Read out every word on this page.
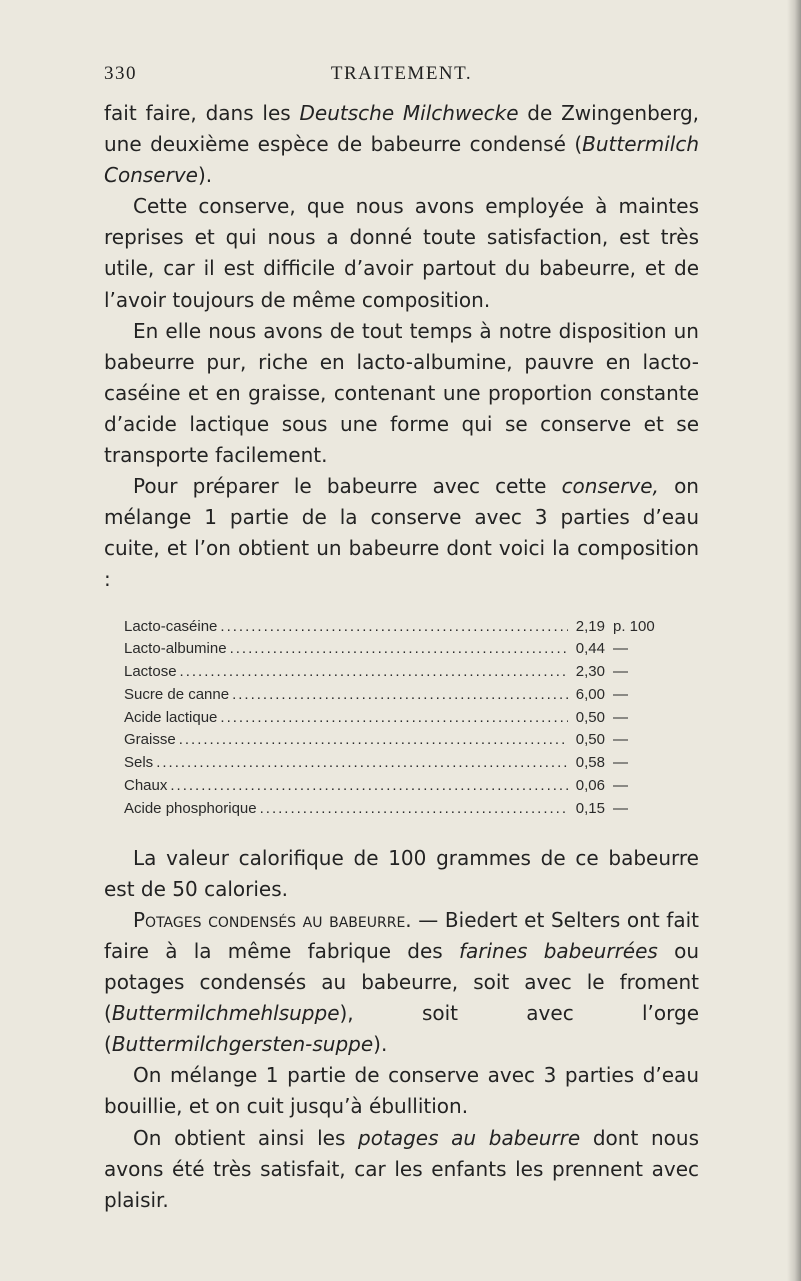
330	TRAITEMENT.

fait faire, dans les Deutsche Milchwecke de Zwingenberg, une deuxième espèce de babeurre condensé (Buttermilch Conserve).

Cette conserve, que nous avons employée à maintes reprises et qui nous a donné toute satisfaction, est très utile, car il est difficile d’avoir partout du babeurre, et de l’avoir toujours de même composition.

En elle nous avons de tout temps à notre disposition un babeurre pur, riche en lacto-albumine, pauvre en lacto-caséine et en graisse, contenant une proportion constante d’acide lactique sous une forme qui se conserve et se transporte facilement.

Pour préparer le babeurre avec cette conserve, on mélange 1 partie de la conserve avec 3 parties d’eau cuite, et l’on obtient un babeurre dont voici la composition :

Lacto-caséine .....	2,19 p. 100
Lacto-albumine .....	0,44 —
Lactose .....	2,30 —
Sucre de canne .....	6,00 —
Acide lactique .....	0,50 —
Graisse .....	0,50 —
Sels .....	0,58 —
Chaux .....	0,06 —
Acide phosphorique .....	0,15 —

La valeur calorifique de 100 grammes de ce babeurre est de 50 calories.

Potages condensés au babeurre. — Biedert et Selters ont fait faire à la même fabrique des farines babeurrées ou potages condensés au babeurre, soit avec le froment (Buttermilchmehlsuppe), soit avec l’orge (Buttermilchgersten-suppe).

On mélange 1 partie de conserve avec 3 parties d’eau bouillie, et on cuit jusqu’à ébullition.

On obtient ainsi les potages au babeurre dont nous avons été très satisfait, car les enfants les prennent avec plaisir.
